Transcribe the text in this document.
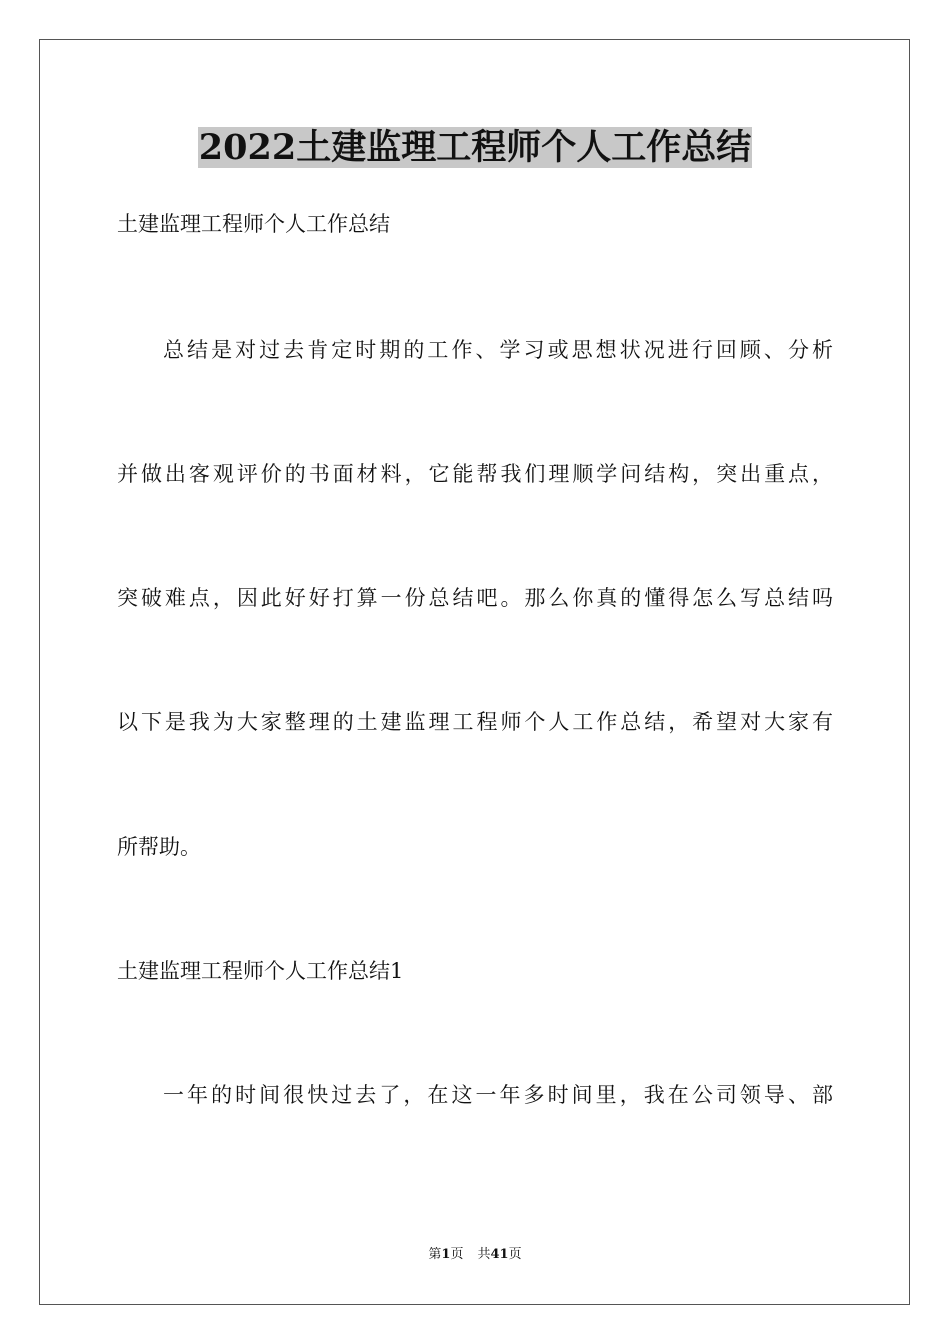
2022土建监理工程师个人工作总结

土建监理工程师个人工作总结

总结是对过去肯定时期的工作、学习或思想状况进行回顾、分析

并做出客观评价的书面材料，它能帮我们理顺学问结构，突出重点，

突破难点，因此好好打算一份总结吧。那么你真的懂得怎么写总结吗

以下是我为大家整理的土建监理工程师个人工作总结，希望对大家有

所帮助。

土建监理工程师个人工作总结1

一年的时间很快过去了，在这一年多时间里，我在公司领导、部

第1页 共41页
